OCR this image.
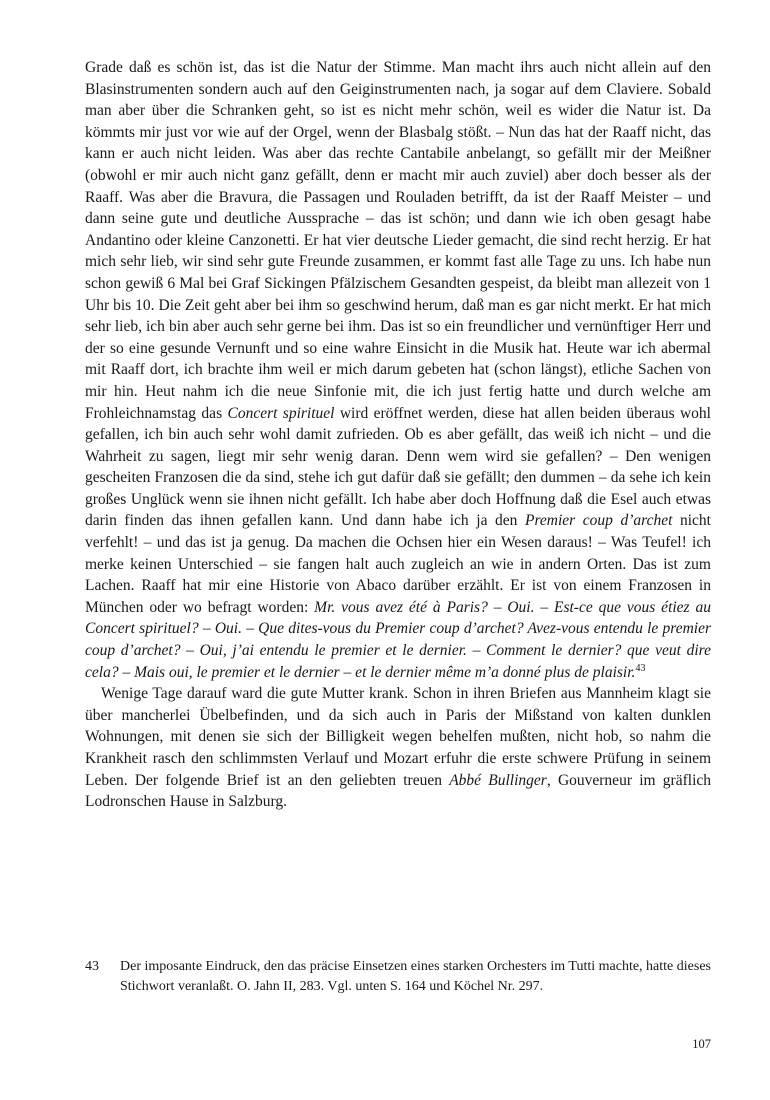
Grade daß es schön ist, das ist die Natur der Stimme. Man macht ihrs auch nicht allein auf den Blasinstrumenten sondern auch auf den Geiginstrumenten nach, ja sogar auf dem Claviere. Sobald man aber über die Schranken geht, so ist es nicht mehr schön, weil es wider die Natur ist. Da kömmts mir just vor wie auf der Orgel, wenn der Blasbalg stößt. – Nun das hat der Raaff nicht, das kann er auch nicht leiden. Was aber das rechte Cantabile anbelangt, so gefällt mir der Meißner (obwohl er mir auch nicht ganz gefällt, denn er macht mir auch zuviel) aber doch besser als der Raaff. Was aber die Bravura, die Passagen und Rouladen betrifft, da ist der Raaff Meister – und dann seine gute und deutliche Aussprache – das ist schön; und dann wie ich oben gesagt habe Andantino oder kleine Canzonetti. Er hat vier deutsche Lieder gemacht, die sind recht herzig. Er hat mich sehr lieb, wir sind sehr gute Freunde zusammen, er kommt fast alle Tage zu uns. Ich habe nun schon gewiß 6 Mal bei Graf Sickingen Pfälzischem Gesandten gespeist, da bleibt man allezeit von 1 Uhr bis 10. Die Zeit geht aber bei ihm so geschwind herum, daß man es gar nicht merkt. Er hat mich sehr lieb, ich bin aber auch sehr gerne bei ihm. Das ist so ein freundlicher und vernünftiger Herr und der so eine gesunde Vernunft und so eine wahre Einsicht in die Musik hat. Heute war ich abermal mit Raaff dort, ich brachte ihm weil er mich darum gebeten hat (schon längst), etliche Sachen von mir hin. Heut nahm ich die neue Sinfonie mit, die ich just fertig hatte und durch welche am Frohleichnamstag das Concert spirituel wird eröffnet werden, diese hat allen beiden überaus wohl gefallen, ich bin auch sehr wohl damit zufrieden. Ob es aber gefällt, das weiß ich nicht – und die Wahrheit zu sagen, liegt mir sehr wenig daran. Denn wem wird sie gefallen? – Den wenigen gescheiten Franzosen die da sind, stehe ich gut dafür daß sie gefällt; den dummen – da sehe ich kein großes Unglück wenn sie ihnen nicht gefällt. Ich habe aber doch Hoffnung daß die Esel auch etwas darin finden das ihnen gefallen kann. Und dann habe ich ja den Premier coup d’archet nicht verfehlt! – und das ist ja genug. Da machen die Ochsen hier ein Wesen daraus! – Was Teufel! ich merke keinen Unterschied – sie fangen halt auch zugleich an wie in andern Orten. Das ist zum Lachen. Raaff hat mir eine Historie von Abaco darüber erzählt. Er ist von einem Franzosen in München oder wo befragt worden: Mr. vous avez été à Paris? – Oui. – Est-ce que vous étiez au Concert spirituel? – Oui. – Que dites-vous du Premier coup d’archet? Avez-vous entendu le premier coup d’archet? – Oui, j’ai entendu le premier et le dernier. – Comment le dernier? que veut dire cela? – Mais oui, le premier et le dernier – et le dernier même m’a donné plus de plaisir.$^{43}$

Wenige Tage darauf ward die gute Mutter krank. Schon in ihren Briefen aus Mannheim klagt sie über mancherlei Übelbefinden, und da sich auch in Paris der Mißstand von kalten dunklen Wohnungen, mit denen sie sich der Billigkeit wegen behelfen mußten, nicht hob, so nahm die Krankheit rasch den schlimmsten Verlauf und Mozart erfuhr die erste schwere Prüfung in seinem Leben. Der folgende Brief ist an den geliebten treuen Abbé Bullinger, Gouverneur im gräflich Lodronschen Hause in Salzburg.

43	Der imposante Eindruck, den das präcise Einsetzen eines starken Orchesters im Tutti machte, hatte dieses Stichwort veranlaßt. O. Jahn II, 283. Vgl. unten S. 164 und Köchel Nr. 297.
107
